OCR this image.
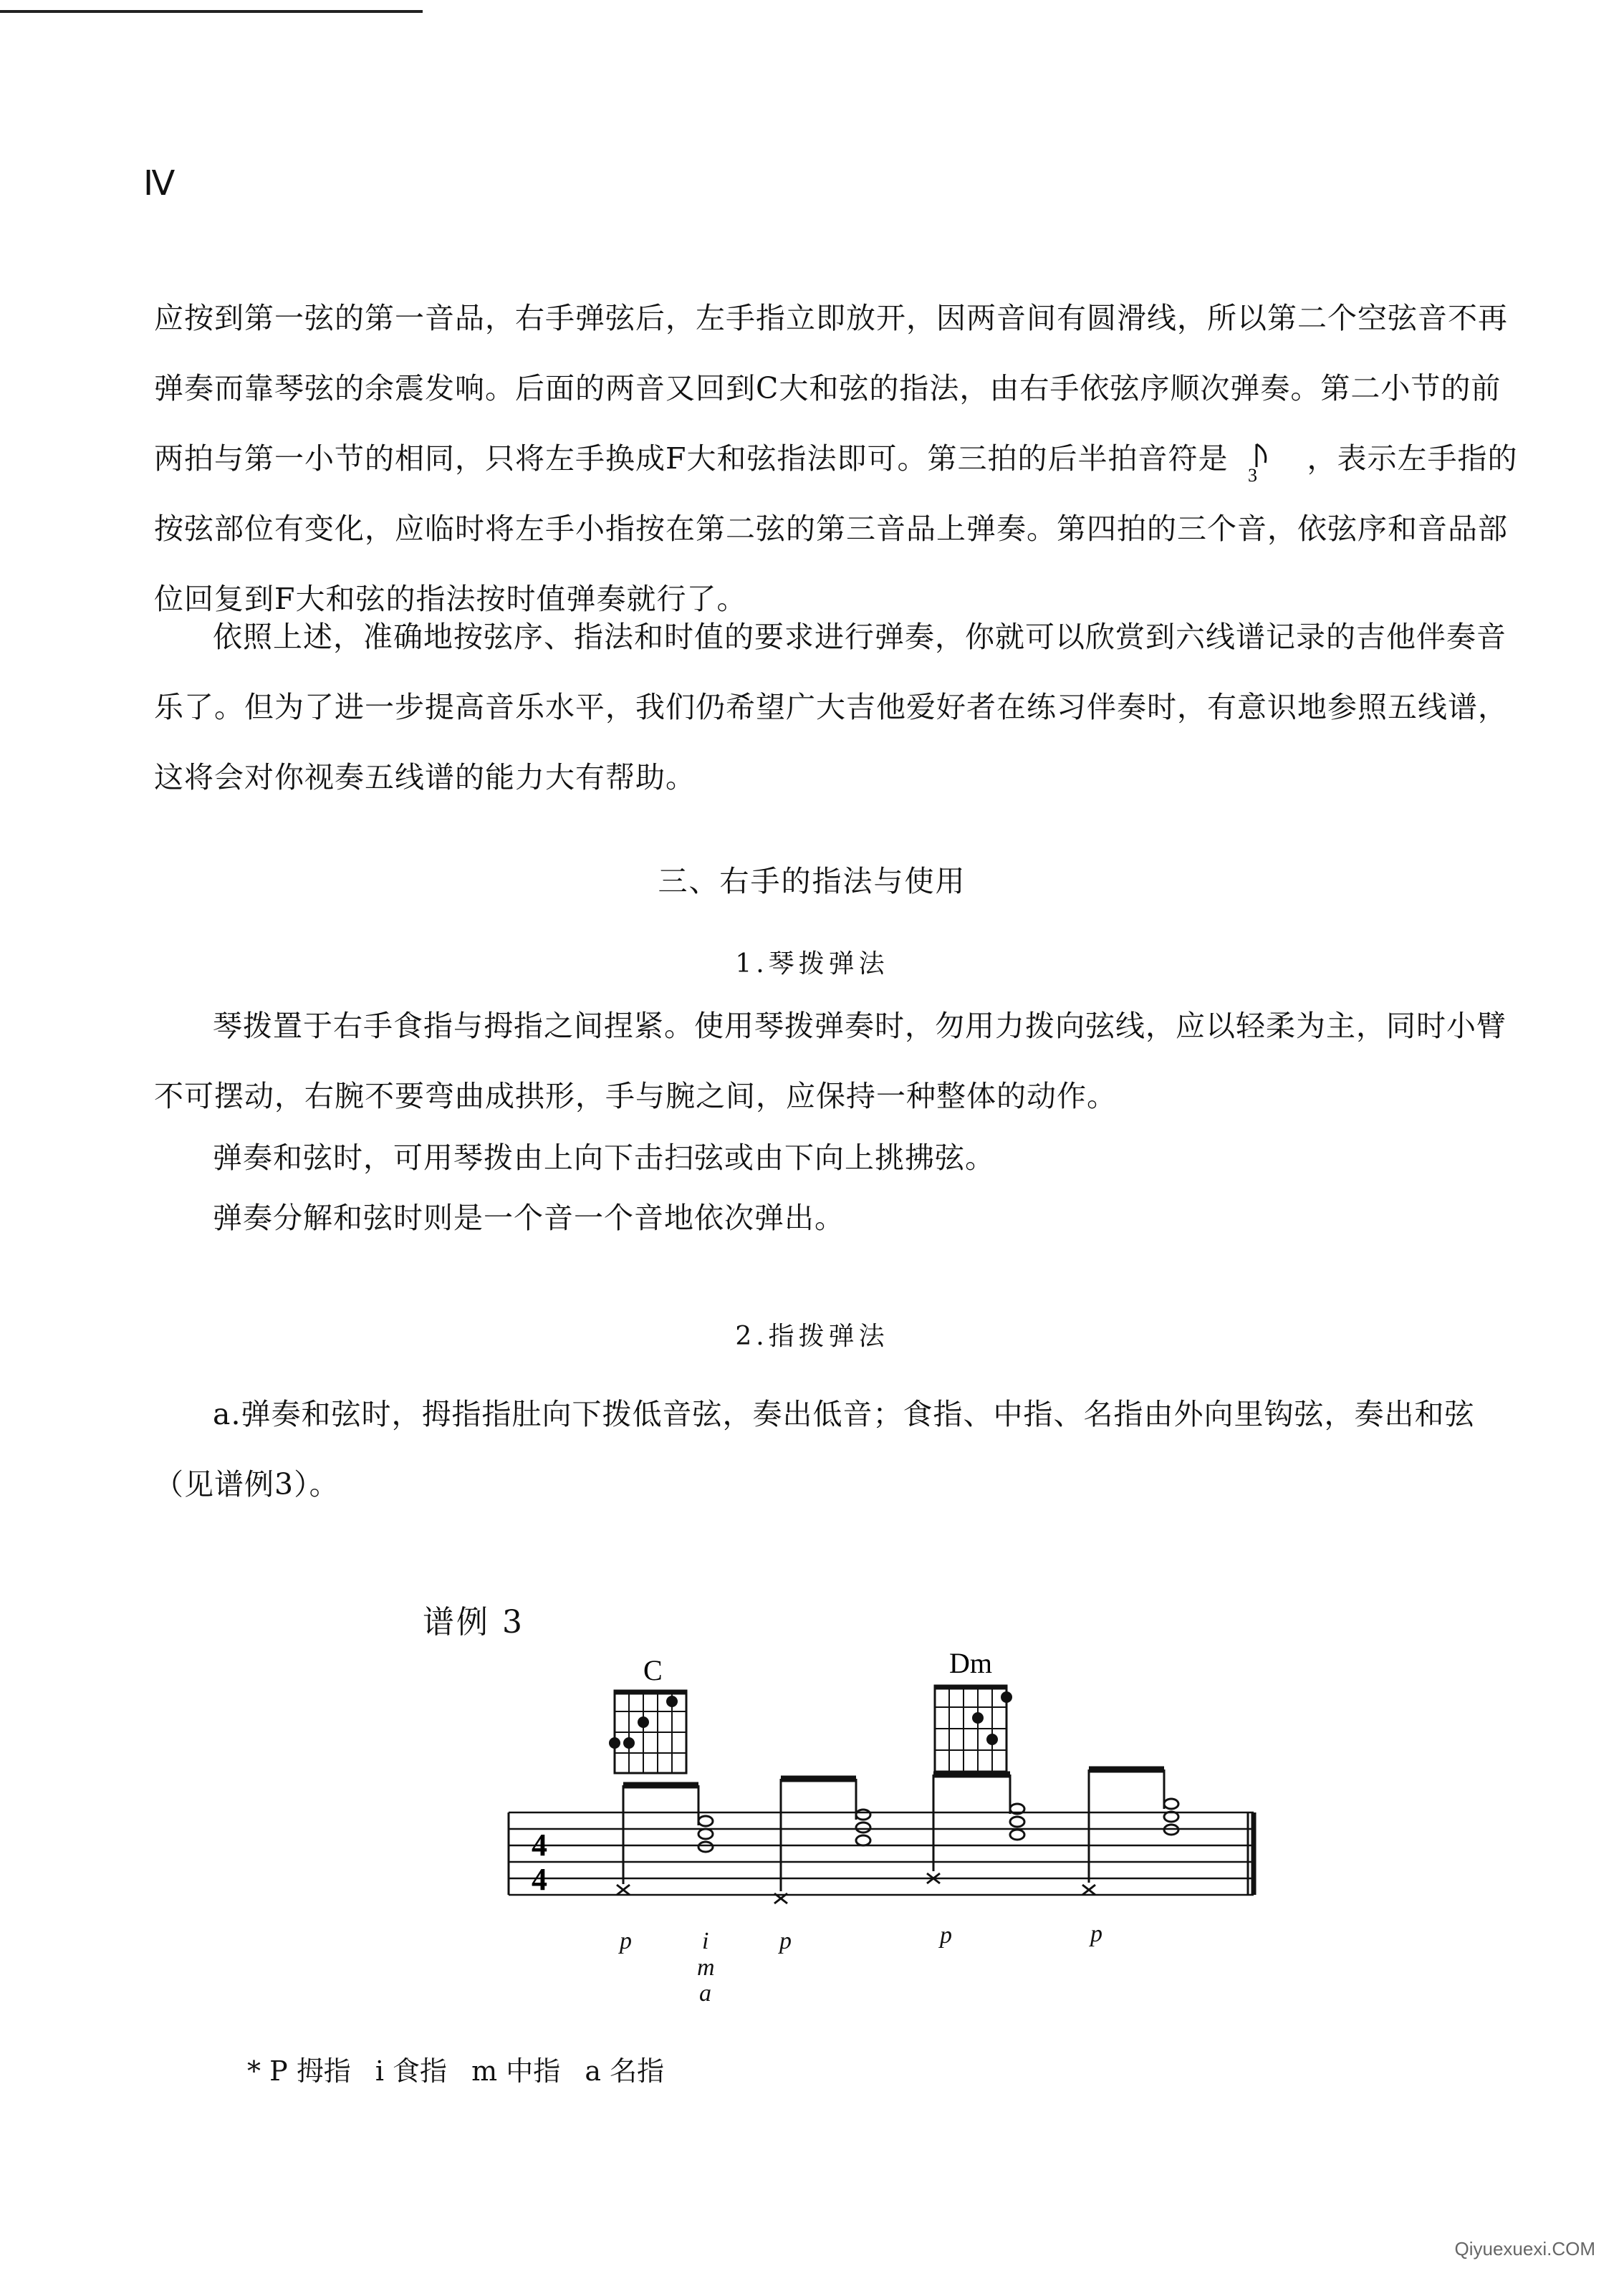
Ⅳ
应按到第一弦的第一音品，右手弹弦后，左手指立即放开，因两音间有圆滑线，所以第二个空弦音不再弹奏而靠琴弦的余震发响。后面的两音又回到C大和弦的指法，由右手依弦序顺次弹奏。第二小节的前两拍与第一小节的相同，只将左手换成F大和弦指法即可。第三拍的后半拍音符是 3 ，表示左手指的按弦部位有变化，应临时将左手小指按在第二弦的第三音品上弹奏。第四拍的三个音，依弦序和音品部位回复到F大和弦的指法按时值弹奏就行了。
依照上述，准确地按弦序、指法和时值的要求进行弹奏，你就可以欣赏到六线谱记录的吉他伴奏音乐了。但为了进一步提高音乐水平，我们仍希望广大吉他爱好者在练习伴奏时，有意识地参照五线谱，这将会对你视奏五线谱的能力大有帮助。
三、右手的指法与使用
1.琴拨弹法
琴拨置于右手食指与拇指之间捏紧。使用琴拨弹奏时，勿用力拨向弦线，应以轻柔为主，同时小臂不可摆动，右腕不要弯曲成拱形，手与腕之间，应保持一种整体的动作。
弹奏和弦时，可用琴拨由上向下击扫弦或由下向上挑拂弦。
弹奏分解和弦时则是一个音一个音地依次弹出。
2.指拨弹法
a.弹奏和弦时，拇指指肚向下拨低音弦，奏出低音；食指、中指、名指由外向里钩弦，奏出和弦（见谱例3）。
谱例 3
C	Dm
4
4
p	i
m
a
p	p	p
* P 拇指 i 食指 m 中指 a 名指
Qiyuexuexi.COM
